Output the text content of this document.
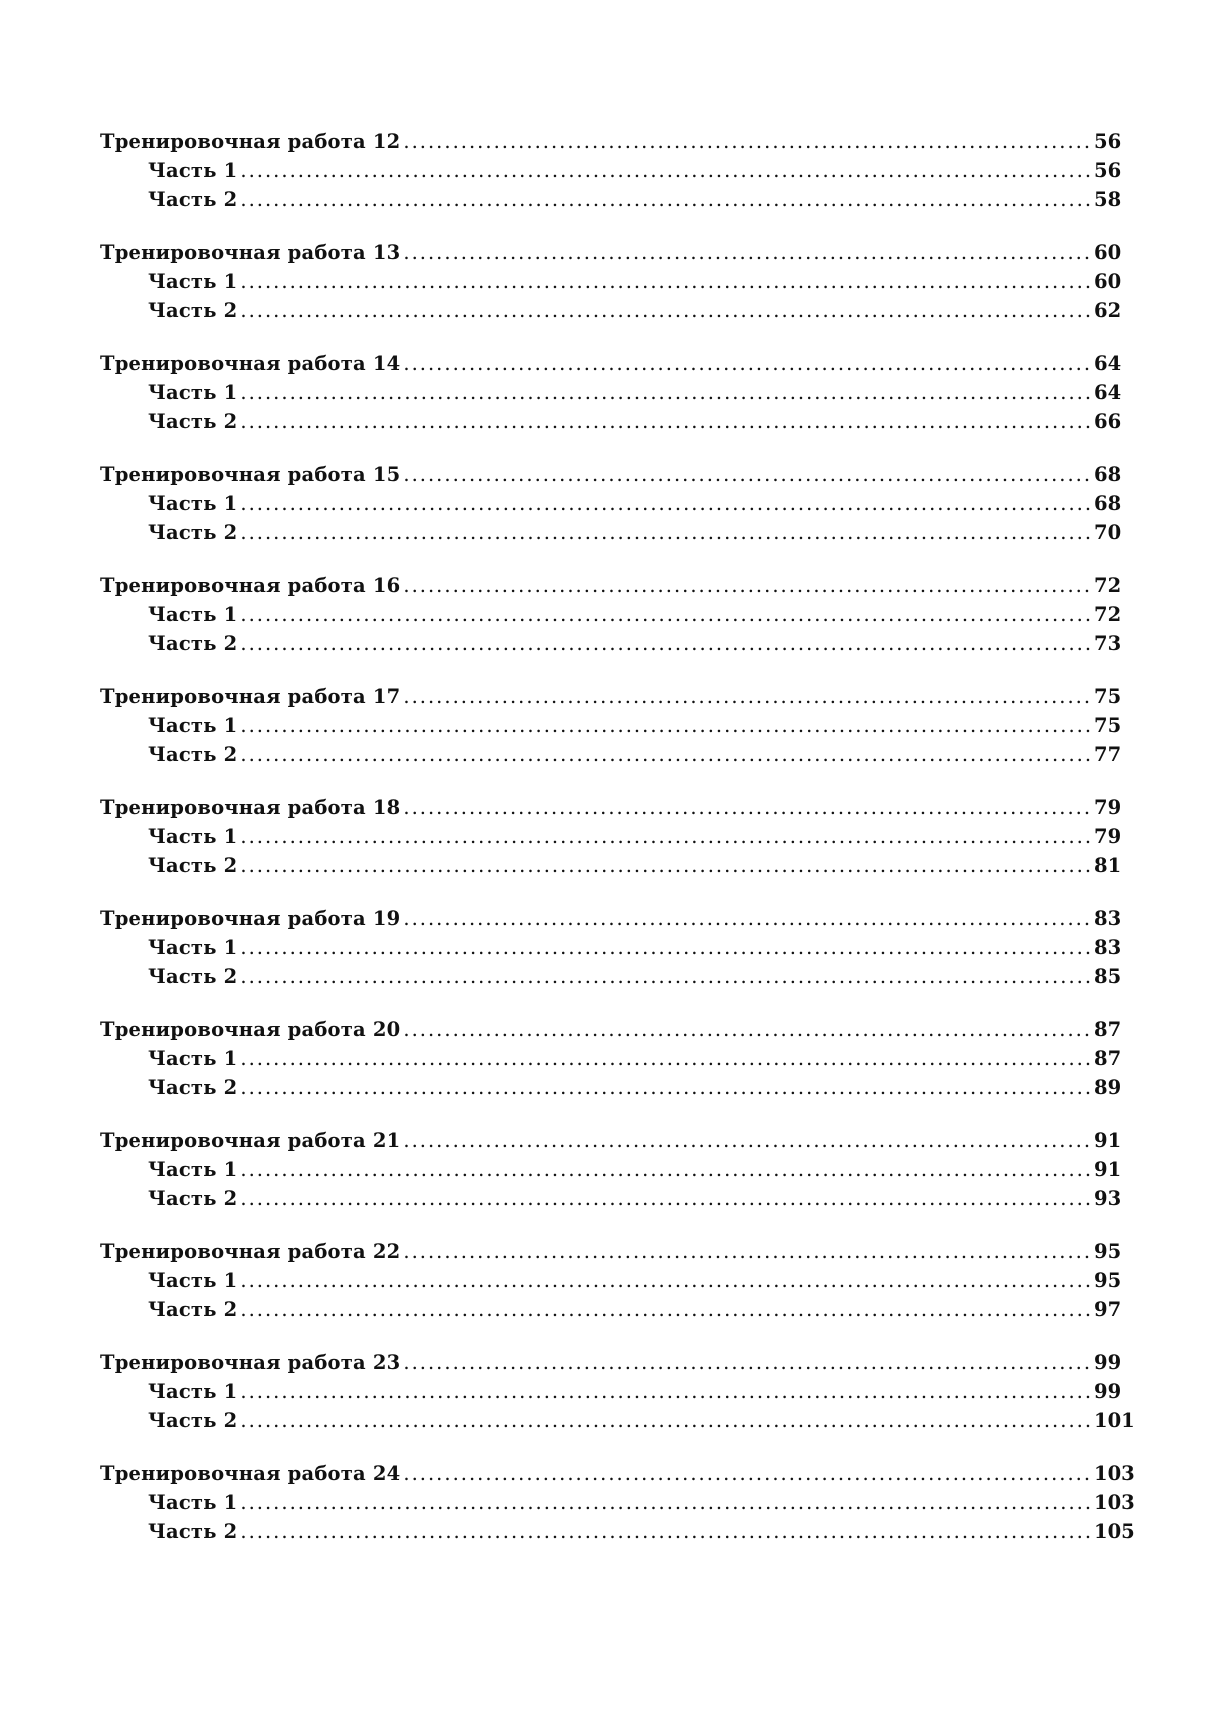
Тренировочная работа 12 .....	56
Часть 1 .....	56
Часть 2 .....	58
Тренировочная работа 13 .....	60
Часть 1 .....	60
Часть 2 .....	62
Тренировочная работа 14 .....	64
Часть 1 .....	64
Часть 2 .....	66
Тренировочная работа 15 .....	68
Часть 1 .....	68
Часть 2 .....	70
Тренировочная работа 16 .....	72
Часть 1 .....	72
Часть 2 .....	73
Тренировочная работа 17 .....	75
Часть 1 .....	75
Часть 2 .....	77
Тренировочная работа 18 .....	79
Часть 1 .....	79
Часть 2 .....	81
Тренировочная работа 19 .....	83
Часть 1 .....	83
Часть 2 .....	85
Тренировочная работа 20 .....	87
Часть 1 .....	87
Часть 2 .....	89
Тренировочная работа 21 .....	91
Часть 1 .....	91
Часть 2 .....	93
Тренировочная работа 22 .....	95
Часть 1 .....	95
Часть 2 .....	97
Тренировочная работа 23 .....	99
Часть 1 .....	99
Часть 2 .....	101
Тренировочная работа 24 .....	103
Часть 1 .....	103
Часть 2 .....	105
